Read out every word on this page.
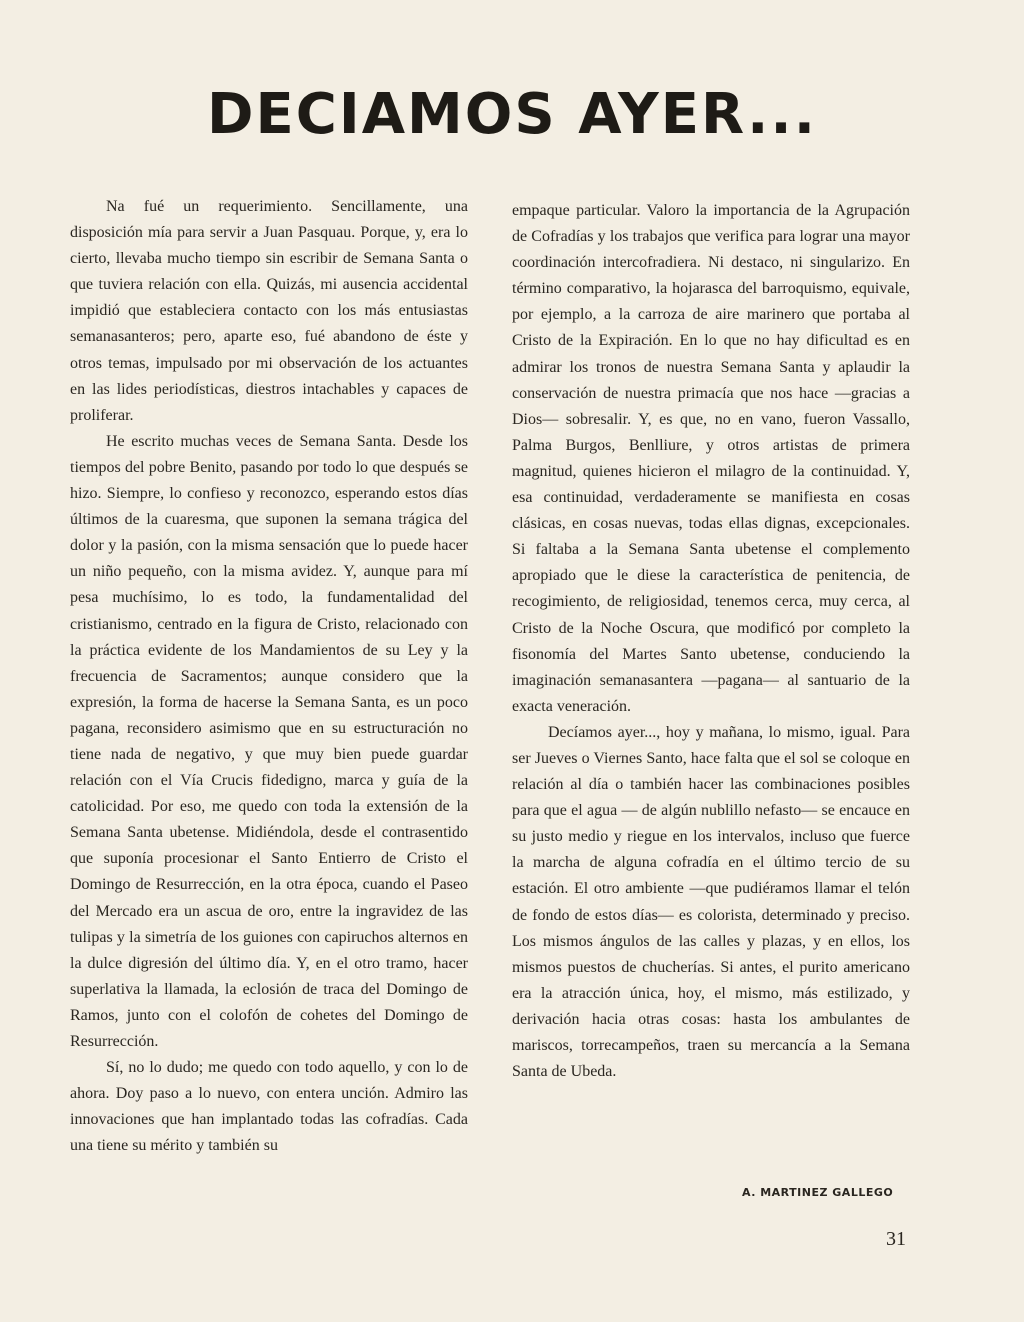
DECIAMOS AYER...

Na fué un requerimiento. Sencillamente, una disposición mía para servir a Juan Pasquau. Porque, y, era lo cierto, llevaba mucho tiempo sin escribir de Semana Santa o que tuviera relación con ella. Quizás, mi ausencia accidental impidió que estableciera contacto con los más entusiastas semanasanteros; pero, aparte eso, fué abandono de éste y otros temas, impulsado por mi observación de los actuantes en las lides periodísticas, diestros intachables y capaces de proliferar.

He escrito muchas veces de Semana Santa. Desde los tiempos del pobre Benito, pasando por todo lo que después se hizo. Siempre, lo confieso y reconozco, esperando estos días últimos de la cuaresma, que suponen la semana trágica del dolor y la pasión, con la misma sensación que lo puede hacer un niño pequeño, con la misma avidez. Y, aunque para mí pesa muchísimo, lo es todo, la fundamentalidad del cristianismo, centrado en la figura de Cristo, relacionado con la práctica evidente de los Mandamientos de su Ley y la frecuencia de Sacramentos; aunque considero que la expresión, la forma de hacerse la Semana Santa, es un poco pagana, reconsidero asimismo que en su estructuración no tiene nada de negativo, y que muy bien puede guardar relación con el Vía Crucis fidedigno, marca y guía de la catolicidad. Por eso, me quedo con toda la extensión de la Semana Santa ubetense. Midiéndola, desde el contrasentido que suponía procesionar el Santo Entierro de Cristo el Domingo de Resurrección, en la otra época, cuando el Paseo del Mercado era un ascua de oro, entre la ingravidez de las tulipas y la simetría de los guiones con capiruchos alternos en la dulce digresión del último día. Y, en el otro tramo, hacer superlativa la llamada, la eclosión de traca del Domingo de Ramos, junto con el colofón de cohetes del Domingo de Resurrección.

Sí, no lo dudo; me quedo con todo aquello, y con lo de ahora. Doy paso a lo nuevo, con entera unción. Admiro las innovaciones que han implantado todas las cofradías. Cada una tiene su mérito y también su

empaque particular. Valoro la importancia de la Agrupación de Cofradías y los trabajos que verifica para lograr una mayor coordinación intercofradiera. Ni destaco, ni singularizo. En término comparativo, la hojarasca del barroquismo, equivale, por ejemplo, a la carroza de aire marinero que portaba al Cristo de la Expiración. En lo que no hay dificultad es en admirar los tronos de nuestra Semana Santa y aplaudir la conservación de nuestra primacía que nos hace —gracias a Dios— sobresalir. Y, es que, no en vano, fueron Vassallo, Palma Burgos, Benlliure, y otros artistas de primera magnitud, quienes hicieron el milagro de la continuidad. Y, esa continuidad, verdaderamente se manifiesta en cosas clásicas, en cosas nuevas, todas ellas dignas, excepcionales. Si faltaba a la Semana Santa ubetense el complemento apropiado que le diese la característica de penitencia, de recogimiento, de religiosidad, tenemos cerca, muy cerca, al Cristo de la Noche Oscura, que modificó por completo la fisonomía del Martes Santo ubetense, conduciendo la imaginación semanasantera —pagana— al santuario de la exacta veneración.

Decíamos ayer..., hoy y mañana, lo mismo, igual. Para ser Jueves o Viernes Santo, hace falta que el sol se coloque en relación al día o también hacer las combinaciones posibles para que el agua — de algún nublillo nefasto— se encauce en su justo medio y riegue en los intervalos, incluso que fuerce la marcha de alguna cofradía en el último tercio de su estación. El otro ambiente —que pudiéramos llamar el telón de fondo de estos días— es colorista, determinado y preciso. Los mismos ángulos de las calles y plazas, y en ellos, los mismos puestos de chucherías. Si antes, el purito americano era la atracción única, hoy, el mismo, más estilizado, y derivación hacia otras cosas: hasta los ambulantes de mariscos, torrecampeños, traen su mercancía a la Semana Santa de Ubeda.

A. MARTINEZ GALLEGO
31
